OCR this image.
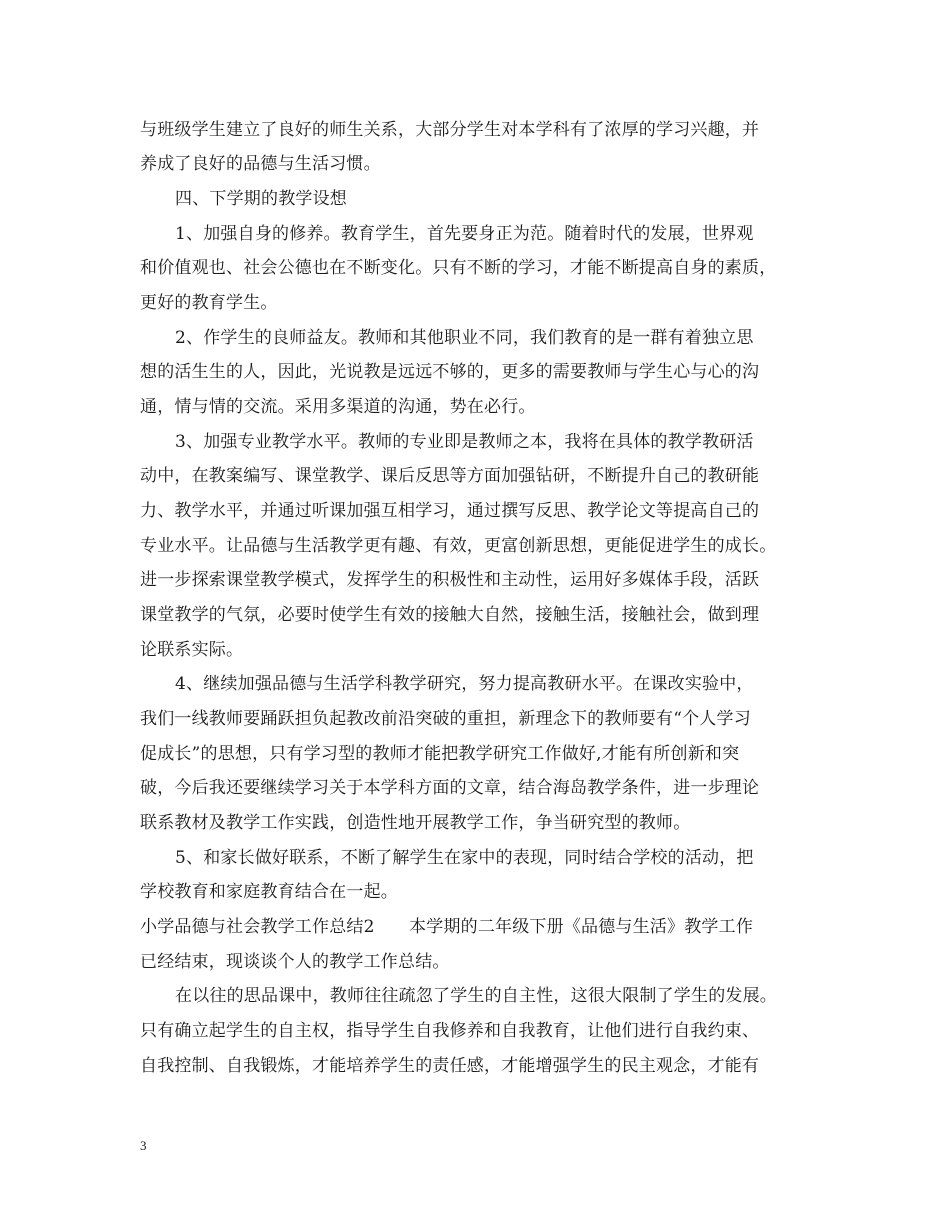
与班级学生建立了良好的师生关系，大部分学生对本学科有了浓厚的学习兴趣，并
养成了良好的品德与生活习惯。
四、下学期的教学设想
1、加强自身的修养。教育学生，首先要身正为范。随着时代的发展，世界观
和价值观也、社会公德也在不断变化。只有不断的学习，才能不断提高自身的素质，
更好的教育学生。
2、作学生的良师益友。教师和其他职业不同，我们教育的是一群有着独立思
想的活生生的人，因此，光说教是远远不够的，更多的需要教师与学生心与心的沟
通，情与情的交流。采用多渠道的沟通，势在必行。
3、加强专业教学水平。教师的专业即是教师之本，我将在具体的教学教研活
动中，在教案编写、课堂教学、课后反思等方面加强钻研，不断提升自己的教研能
力、教学水平，并通过听课加强互相学习，通过撰写反思、教学论文等提高自己的
专业水平。让品德与生活教学更有趣、有效，更富创新思想，更能促进学生的成长。
进一步探索课堂教学模式，发挥学生的积极性和主动性，运用好多媒体手段，活跃
课堂教学的气氛，必要时使学生有效的接触大自然，接触生活，接触社会，做到理
论联系实际。
4、继续加强品德与生活学科教学研究，努力提高教研水平。在课改实验中，
我们一线教师要踊跃担负起教改前沿突破的重担，新理念下的教师要有“个人学习
促成长”的思想，只有学习型的教师才能把教学研究工作做好,才能有所创新和突
破，今后我还要继续学习关于本学科方面的文章，结合海岛教学条件，进一步理论
联系教材及教学工作实践，创造性地开展教学工作，争当研究型的教师。
5、和家长做好联系，不断了解学生在家中的表现，同时结合学校的活动，把
学校教育和家庭教育结合在一起。
小学品德与社会教学工作总结2　　本学期的二年级下册《品德与生活》教学工作
已经结束，现谈谈个人的教学工作总结。
在以往的思品课中，教师往往疏忽了学生的自主性，这很大限制了学生的发展。
只有确立起学生的自主权，指导学生自我修养和自我教育，让他们进行自我约束、
自我控制、自我锻炼，才能培养学生的责任感，才能增强学生的民主观念，才能有
3
